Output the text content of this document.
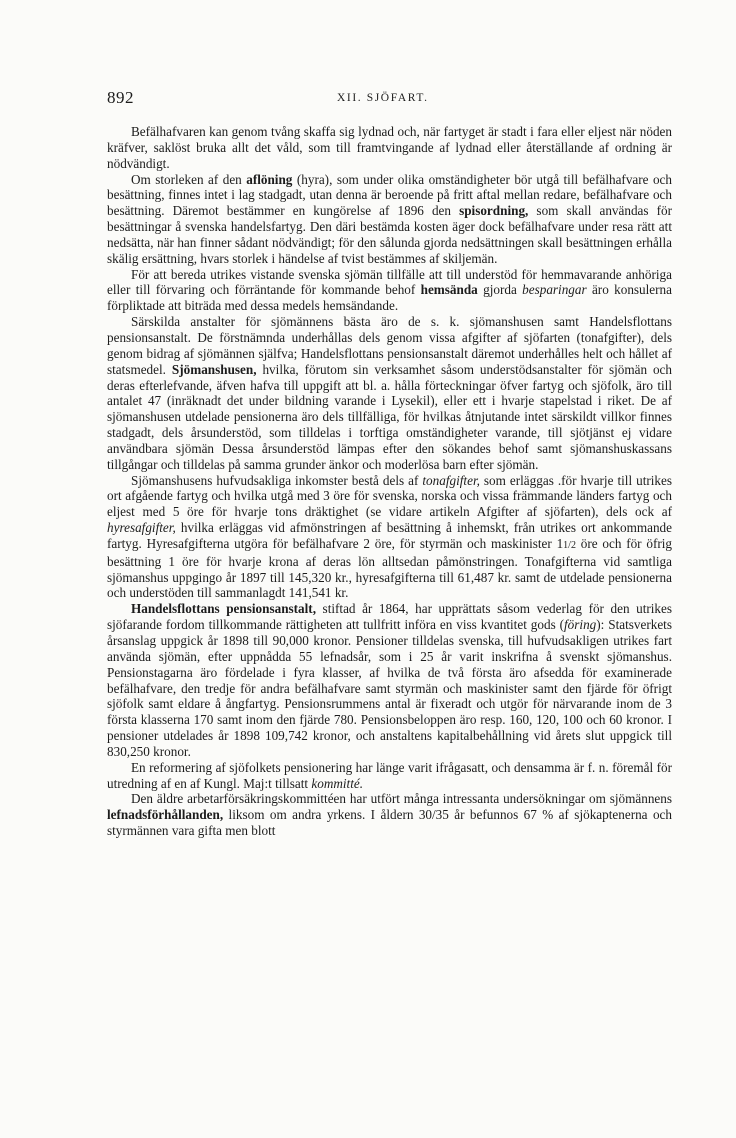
892	XII. SJÖFART.

Befälhafvaren kan genom tvång skaffa sig lydnad och, när fartyget är stadt i fara eller eljest när nöden kräfver, saklöst bruka allt det våld, som till framtvingande af lydnad eller återställande af ordning är nödvändigt.

Om storleken af den aflöning (hyra), som under olika omständigheter bör utgå till befälhafvare och besättning, finnes intet i lag stadgadt, utan denna är beroende på fritt aftal mellan redare, befälhafvare och besättning. Däremot bestämmer en kungörelse af 1896 den spisordning, som skall användas för besättningar å svenska handelsfartyg. Den däri bestämda kosten äger dock befälhafvare under resa rätt att nedsätta, när han finner sådant nödvändigt; för den sålunda gjorda nedsättningen skall besättningen erhålla skälig ersättning, hvars storlek i händelse af tvist bestämmes af skiljemän.

För att bereda utrikes vistande svenska sjömän tillfälle att till understöd för hemmavarande anhöriga eller till förvaring och förräntande för kommande behof hemsända gjorda besparingar äro konsulerna förpliktade att biträda med dessa medels hemsändande.

Särskilda anstalter för sjömännens bästa äro de s. k. sjömanshusen samt Handelsflottans pensionsanstalt. De förstnämnda underhållas dels genom vissa afgifter af sjöfarten (tonafgifter), dels genom bidrag af sjömännen själfva; Handelsflottans pensionsanstalt däremot underhålles helt och hållet af statsmedel. Sjömanshusen, hvilka, förutom sin verksamhet såsom understödsanstalter för sjömän och deras efterlefvande, äfven hafva till uppgift att bl. a. hålla förteckningar öfver fartyg och sjöfolk, äro till antalet 47 (inräknadt det under bildning varande i Lysekil), eller ett i hvarje stapelstad i riket. De af sjömanshusen utdelade pensionerna äro dels tillfälliga, för hvilkas åtnjutande intet särskildt villkor finnes stadgadt, dels årsunderstöd, som tilldelas i torftiga omständigheter varande, till sjötjänst ej vidare användbara sjömän Dessa årsunderstöd lämpas efter den sökandes behof samt sjömanshuskassans tillgångar och tilldelas på samma grunder änkor och moderlösa barn efter sjömän.

Sjömanshusens hufvudsakliga inkomster bestå dels af tonafgifter, som erläggas .för hvarje till utrikes ort afgående fartyg och hvilka utgå med 3 öre för svenska, norska och vissa främmande länders fartyg och eljest med 5 öre för hvarje tons dräktighet (se vidare artikeln Afgifter af sjöfarten), dels ock af hyresafgifter, hvilka erläggas vid afmönstringen af besättning å inhemskt, från utrikes ort ankommande fartyg. Hyresafgifterna utgöra för befälhafvare 2 öre, för styrmän och maskinister 11/2 öre och för öfrig besättning 1 öre för hvarje krona af deras lön alltsedan påmönstringen. Tonafgifterna vid samtliga sjömanshus uppgingo år 1897 till 145,320 kr., hyresafgifterna till 61,487 kr. samt de utdelade pensionerna och understöden till sammanlagdt 141,541 kr.

Handelsflottans pensionsanstalt, stiftad år 1864, har upprättats såsom vederlag för den utrikes sjöfarande fordom tillkommande rättigheten att tullfritt införa en viss kvantitet gods (föring): Statsverkets årsanslag uppgick år 1898 till 90,000 kronor. Pensioner tilldelas svenska, till hufvudsakligen utrikes fart använda sjömän, efter uppnådda 55 lefnadsår, som i 25 år varit inskrifna å svenskt sjömanshus. Pensionstagarna äro fördelade i fyra klasser, af hvilka de två första äro afsedda för examinerade befälhafvare, den tredje för andra befälhafvare samt styrmän och maskinister samt den fjärde för öfrigt sjöfolk samt eldare å ångfartyg. Pensionsrummens antal är fixeradt och utgör för närvarande inom de 3 första klasserna 170 samt inom den fjärde 780. Pensionsbeloppen äro resp. 160, 120, 100 och 60 kronor. I pensioner utdelades år 1898 109,742 kronor, och anstaltens kapitalbehållning vid årets slut uppgick till 830,250 kronor.

En reformering af sjöfolkets pensionering har länge varit ifrågasatt, och densamma är f. n. föremål för utredning af en af Kungl. Maj:t tillsatt kommitté.

Den äldre arbetarförsäkringskommittéen har utfört många intressanta undersökningar om sjömännens lefnadsförhållanden, liksom om andra yrkens. I åldern 30/35 år befunnos 67 % af sjökaptenerna och styrmännen vara gifta men blott
